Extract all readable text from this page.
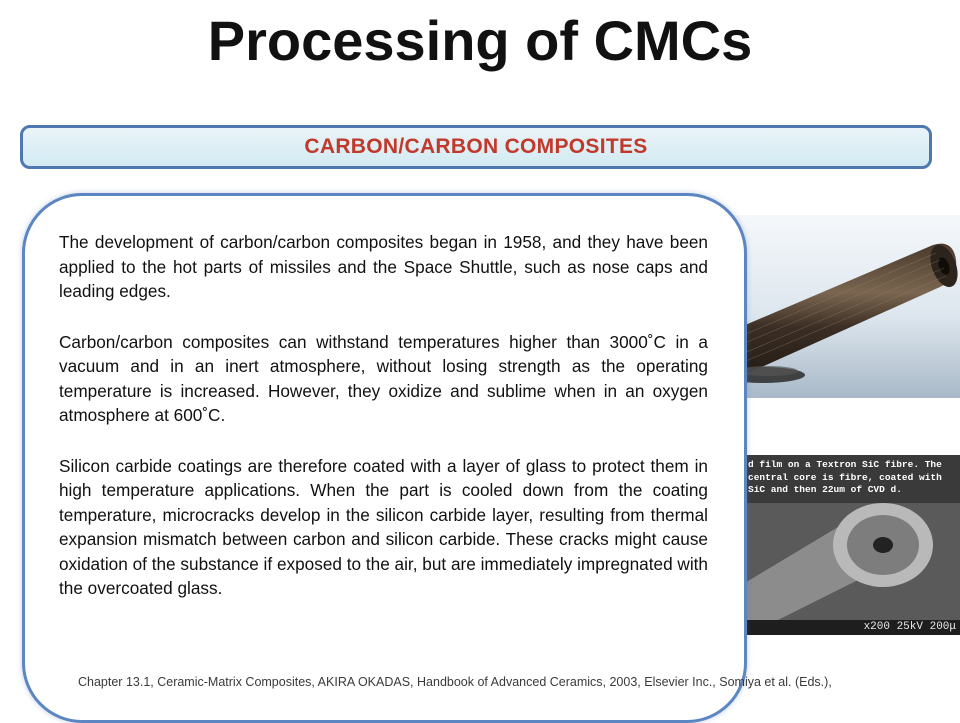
Processing of CMCs
CARBON/CARBON COMPOSITES
d film on a Textron SiC fibre. The central core is fibre, coated with SiC and then 22um of CVD d.
x200 25kV 200μ

The development of carbon/carbon composites began in 1958, and they have been applied to the hot parts of missiles and the Space Shuttle, such as nose caps and leading edges.

Carbon/carbon composites can withstand temperatures higher than 3000˚C in a vacuum and in an inert atmosphere, without losing strength as the operating temperature is increased. However, they oxidize and sublime when in an oxygen atmosphere at 600˚C.

Silicon carbide coatings are therefore coated with a layer of glass to protect them in high temperature applications. When the part is cooled down from the coating temperature, microcracks develop in the silicon carbide layer, resulting from thermal expansion mismatch between carbon and silicon carbide. These cracks might cause oxidation of the substance if exposed to the air, but are immediately impregnated with the overcoated glass.

Chapter 13.1, Ceramic-Matrix Composites, AKIRA OKADAS, Handbook of Advanced Ceramics, 2003, Elsevier Inc., Somiya et al. (Eds.),
